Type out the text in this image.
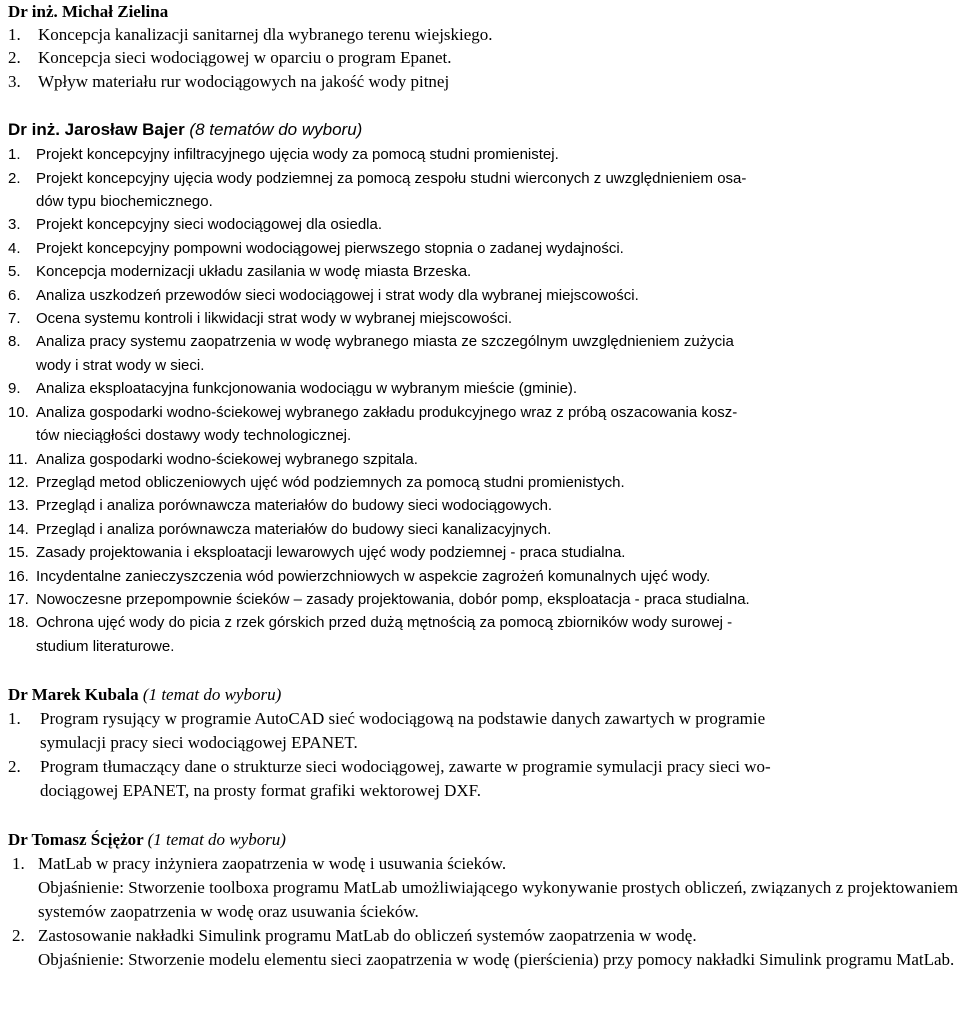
Dr inż. Michał Zielina
1.	Koncepcja kanalizacji sanitarnej dla wybranego terenu wiejskiego.
2.	Koncepcja sieci wodociągowej w oparciu o program Epanet.
3.	Wpływ materiału rur wodociągowych na jakość wody pitnej
Dr inż. Jarosław Bajer (8 tematów do wyboru)
1.	Projekt koncepcyjny infiltracyjnego ujęcia wody za pomocą studni promienistej.
2.	Projekt koncepcyjny ujęcia wody podziemnej za pomocą zespołu studni wierconych z uwzględnieniem osa-
dów typu biochemicznego.
3.	Projekt koncepcyjny sieci wodociągowej dla osiedla.
4.	Projekt koncepcyjny pompowni wodociągowej pierwszego stopnia o zadanej wydajności.
5.	Koncepcja modernizacji układu zasilania w wodę miasta Brzeska.
6.	Analiza uszkodzeń przewodów sieci wodociągowej i strat wody dla wybranej miejscowości.
7.	Ocena systemu kontroli i likwidacji strat wody w wybranej miejscowości.
8.	Analiza pracy systemu zaopatrzenia w wodę wybranego miasta ze szczególnym uwzględnieniem zużycia
wody i strat wody w sieci.
9.	Analiza eksploatacyjna funkcjonowania wodociągu w wybranym mieście (gminie).
10. Analiza gospodarki wodno-ściekowej wybranego zakładu produkcyjnego wraz z próbą oszacowania kosz-
tów nieciągłości dostawy wody technologicznej.
11. Analiza gospodarki wodno-ściekowej wybranego szpitala.
12. Przegląd metod obliczeniowych ujęć wód podziemnych za pomocą studni promienistych.
13. Przegląd i analiza porównawcza materiałów do budowy sieci wodociągowych.
14. Przegląd i analiza porównawcza materiałów do budowy sieci kanalizacyjnych.
15. Zasady projektowania i eksploatacji lewarowych ujęć wody podziemnej - praca studialna.
16. Incydentalne zanieczyszczenia wód powierzchniowych w aspekcie zagrożeń komunalnych ujęć wody.
17. Nowoczesne przepompownie ścieków – zasady projektowania, dobór pomp, eksploatacja - praca studialna.
18. Ochrona ujęć wody do picia z rzek górskich przed dużą mętnością za pomocą zbiorników wody surowej -
studium literaturowe.
Dr Marek Kubala (1 temat do wyboru)
1.	Program rysujący w programie AutoCAD sieć wodociągową na podstawie danych zawartych w programie
symulacji pracy sieci wodociągowej EPANET.
2.	Program tłumaczący dane o strukturze sieci wodociągowej, zawarte w programie symulacji pracy sieci wo-
dociągowej EPANET, na prosty format grafiki wektorowej DXF.
Dr Tomasz Ścįężor (1 temat do wyboru)
1. MatLab w pracy inżyniera zaopatrzenia w wodę i usuwania ścieków.
Objaśnienie: Stworzenie toolboxa programu MatLab umożliwiającego wykonywanie prostych obliczeń, związanych z projektowaniem systemów zaopatrzenia w wodę oraz usuwania ścieków.
2. Zastosowanie nakładki Simulink programu MatLab do obliczeń systemów zaopatrzenia w wodę.
Objaśnienie: Stworzenie modelu elementu sieci zaopatrzenia w wodę (pierścienia) przy pomocy nakładki Simulink programu MatLab.
